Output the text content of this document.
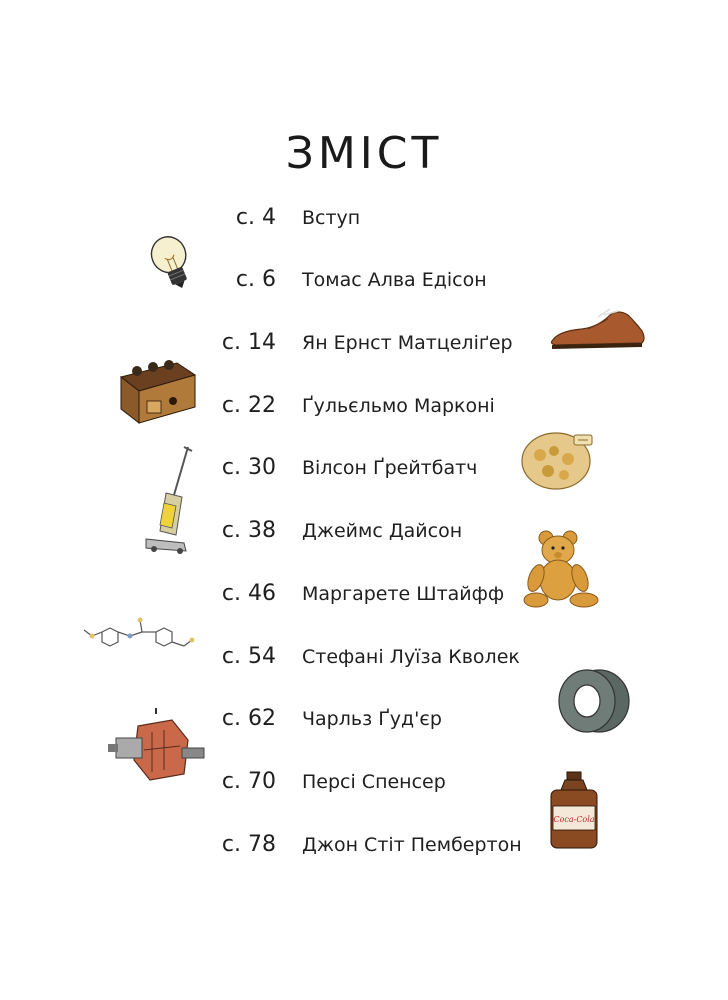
ЗМІСТ
с. 4 Вступ
с. 6 Томас Алва Едісон
с. 14 Ян Ернст Матцеліґер
с. 22 Ґульєльмо Марконі
с. 30 Вілсон Ґрейтбатч
с. 38 Джеймс Дайсон
с. 46 Маргарете Штайфф
с. 54 Стефані Луїза Кволек
с. 62 Чарльз Ґуд'єр
с. 70 Персі Спенсер
с. 78 Джон Стіт Пембертон
Coca-Cola
